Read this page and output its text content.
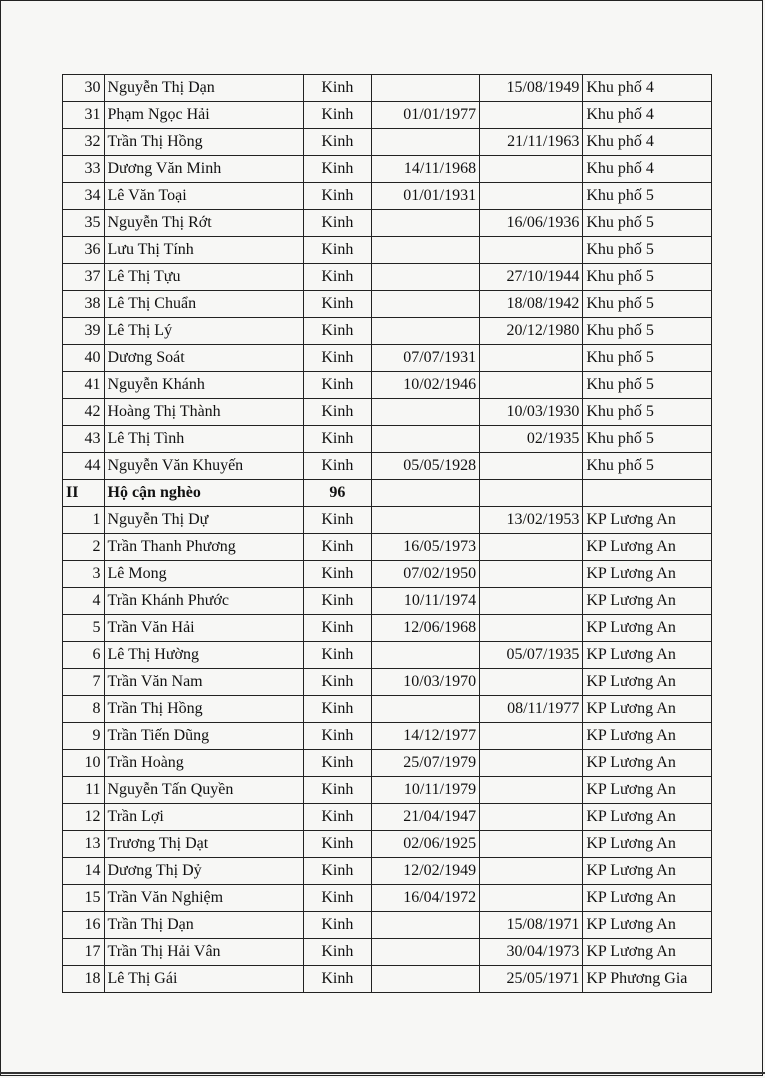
30	Nguyễn Thị Dạn	Kinh		15/08/1949	Khu phố 4
31	Phạm Ngọc Hải	Kinh	01/01/1977		Khu phố 4
32	Trần Thị Hồng	Kinh		21/11/1963	Khu phố 4
33	Dương Văn Minh	Kinh	14/11/1968		Khu phố 4
34	Lê Văn Toại	Kinh	01/01/1931		Khu phố 5
35	Nguyễn Thị Rớt	Kinh		16/06/1936	Khu phố 5
36	Lưu Thị Tính	Kinh			Khu phố 5
37	Lê Thị Tựu	Kinh		27/10/1944	Khu phố 5
38	Lê Thị Chuẩn	Kinh		18/08/1942	Khu phố 5
39	Lê Thị Lý	Kinh		20/12/1980	Khu phố 5
40	Dương Soát	Kinh	07/07/1931		Khu phố 5
41	Nguyễn Khánh	Kinh	10/02/1946		Khu phố 5
42	Hoàng Thị Thành	Kinh		10/03/1930	Khu phố 5
43	Lê Thị Tình	Kinh		02/1935	Khu phố 5
44	Nguyễn Văn Khuyến	Kinh	05/05/1928		Khu phố 5
II	Hộ cận nghèo	96			
1	Nguyễn Thị Dự	Kinh		13/02/1953	KP Lương An
2	Trần Thanh Phương	Kinh	16/05/1973		KP Lương An
3	Lê Mong	Kinh	07/02/1950		KP Lương An
4	Trần Khánh Phước	Kinh	10/11/1974		KP Lương An
5	Trần Văn Hải	Kinh	12/06/1968		KP Lương An
6	Lê Thị Hường	Kinh		05/07/1935	KP Lương An
7	Trần Văn Nam	Kinh	10/03/1970		KP Lương An
8	Trần Thị Hồng	Kinh		08/11/1977	KP Lương An
9	Trần Tiến Dũng	Kinh	14/12/1977		KP Lương An
10	Trần Hoàng	Kinh	25/07/1979		KP Lương An
11	Nguyễn Tấn Quyền	Kinh	10/11/1979		KP Lương An
12	Trần Lợi	Kinh	21/04/1947		KP Lương An
13	Trương Thị Dạt	Kinh	02/06/1925		KP Lương An
14	Dương Thị Dỷ	Kinh	12/02/1949		KP Lương An
15	Trần Văn Nghiệm	Kinh	16/04/1972		KP Lương An
16	Trần Thị Dạn	Kinh		15/08/1971	KP Lương An
17	Trần Thị Hải Vân	Kinh		30/04/1973	KP Lương An
18	Lê Thị Gái	Kinh		25/05/1971	KP Phương Gia
